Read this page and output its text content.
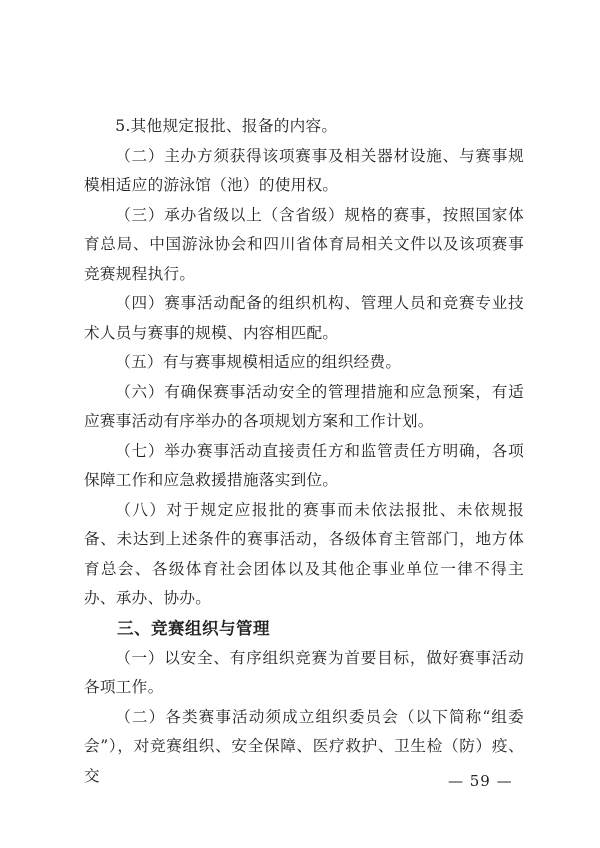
5.其他规定报批、报备的内容。

（二）主办方须获得该项赛事及相关器材设施、与赛事规模相适应的游泳馆（池）的使用权。

（三）承办省级以上（含省级）规格的赛事，按照国家体育总局、中国游泳协会和四川省体育局相关文件以及该项赛事竞赛规程执行。

（四）赛事活动配备的组织机构、管理人员和竞赛专业技术人员与赛事的规模、内容相匹配。

（五）有与赛事规模相适应的组织经费。

（六）有确保赛事活动安全的管理措施和应急预案，有适应赛事活动有序举办的各项规划方案和工作计划。

（七）举办赛事活动直接责任方和监管责任方明确，各项保障工作和应急救援措施落实到位。

（八）对于规定应报批的赛事而未依法报批、未依规报备、未达到上述条件的赛事活动，各级体育主管部门，地方体育总会、各级体育社会团体以及其他企事业单位一律不得主办、承办、协办。

三、竞赛组织与管理

（一）以安全、有序组织竞赛为首要目标，做好赛事活动各项工作。

（二）各类赛事活动须成立组织委员会（以下简称“组委会”），对竞赛组织、安全保障、医疗救护、卫生检（防）疫、交	— 59 —
